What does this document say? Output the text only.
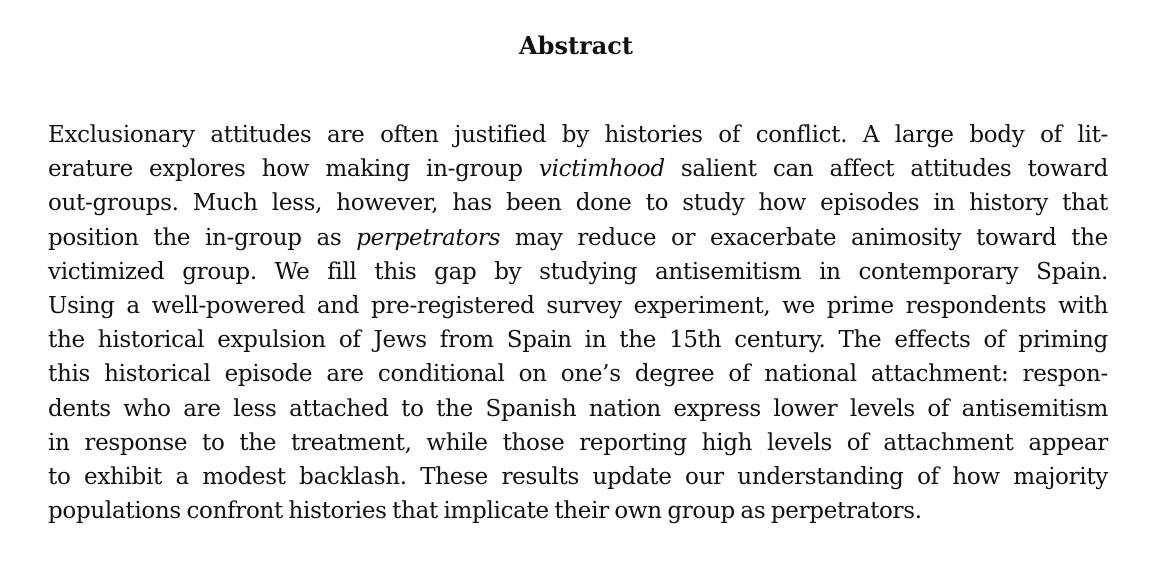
Abstract
Exclusionary attitudes are often justified by histories of conflict. A large body of lit-
erature explores how making in-group victimhood salient can affect attitudes toward
out-groups. Much less, however, has been done to study how episodes in history that
position the in-group as perpetrators may reduce or exacerbate animosity toward the
victimized group. We fill this gap by studying antisemitism in contemporary Spain.
Using a well-powered and pre-registered survey experiment, we prime respondents with
the historical expulsion of Jews from Spain in the 15th century. The effects of priming
this historical episode are conditional on one’s degree of national attachment: respon-
dents who are less attached to the Spanish nation express lower levels of antisemitism
in response to the treatment, while those reporting high levels of attachment appear
to exhibit a modest backlash. These results update our understanding of how majority
populations confront histories that implicate their own group as perpetrators.
